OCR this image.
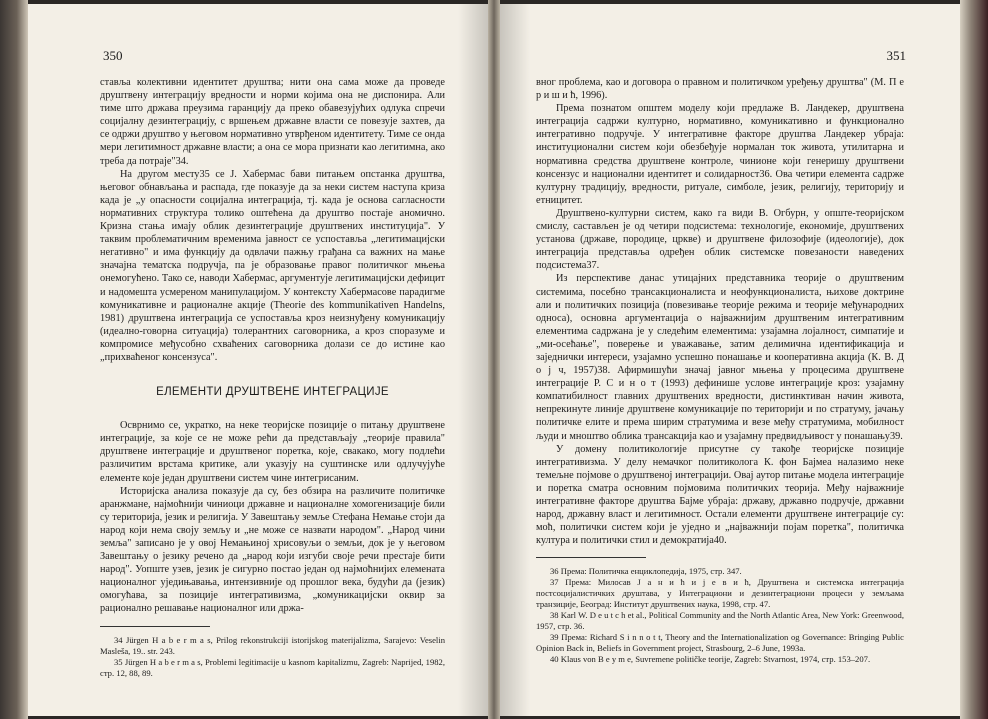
350

стављa колективни идентитет друштва; нити она сама може да проведе друштвену интеграцију вредности и норми којима она не диспонира. Али тиме што држава преузима гаранцију да преко обавезујућих одлука спречи социјалну дезинтеграцију, с вршењем државне власти се повезује захтев, да се одржи друштво у његовом нормативно утврђеном идентитету. Тиме се онда мери легитимност државне власти; а она се мора признати као легитимна, ако треба да потраје"34.

На другом месту35 се Ј. Хабермас бави питањем опстанка друштва, његовог обнављања и распада, где показује да за неки систем наступа криза када је „у опасности социјална интеграција, тј. када је основа сагласности нормативних структура толико оштећена да друштво постаје аномично. Кризна стања имају облик дезинтеграције друштвених институција". У таквим проблематичним временима јавност се успоставља „легитимацијски негативно" и има функцију да одвлачи пажњу грађана са важних на мање значајна тематска подручја, па је образовање правог политичког мњења онемогућено. Тако се, наводи Хабермас, аргументује легитимацијски дефицит и надомешта усмереном манипулацијом. У контексту Хабермасове парадигме комуникативне и рационалне акције (Theorie des kommunikativen Handelns, 1981) друштвена интеграција се успоставља кроз неизнуђену комуникацију (идеално-говорна ситуација) толерантних саговорника, а кроз споразуме и компромисе међусобно схваћених саговорника долази се до истине као „прихваћеног консензуса".

ЕЛЕМЕНТИ ДРУШТВЕНЕ ИНТЕГРАЦИЈЕ

Осврнимо се, укратко, на неке теоријске позиције о питању друштвене интеграције, за које се не може рећи да представљају „теорије правила" друштвене интеграције и друштвеног поретка, које, свакако, могу подлећи различитим врстама критике, али указују на суштинске или одлучујуће елементе које један друштвени систем чине интегрисаним.

Историјска анализа показује да су, без обзира на различите политичке аранжмане, најмоћнији чиниоци државне и националне хомогенизације били су територија, језик и религија. У Завештању земље Стефана Немање стоји да народ који нема своју земљу и „не може се назвати народом". „Народ чини земља" записано је у овој Немањиној хрисовуљи о земљи, док је у његовом Завештању о језику речено да „народ који изгуби своје речи престаје бити народ". Уопште узев, језик је сигурно постао један од најмоћнијих елемената националног уједињавања, интензивније од прошлог века, будући да (језик) омогућава, за позиције интегративизма, „комуникацијски оквир за рационално решавање националног или држа-

34 Jürgen H a b e r m a s, Prilog rekonstrukciji istorijskog materijalizma, Sarajevo: Veselin Masleša, 19.. str. 243.

35 Jürgen H a b e r m a s, Problemi legitimacije u kasnom kapitalizmu, Zagreb: Naprijed, 1982, стр. 12, 88, 89.

351

вног проблема, као и договора о правном и политичком уређењу друштва" (М. П е р и ш и ћ, 1996).

Према познатом општем моделу који предлаже В. Ландекер, друштвена интеграција садржи културно, нормативно, комуникативно и функционално интегративно подручје. У интегративне факторе друштва Ландекер убраја: институционални систем који обезбеђује нормалан ток живота, утилитарна и нормативна средства друштвене контроле, чинионе који генеришу друштвени консензус и национални идентитет и солидарност36. Ова четири елемента садрже културну традицију, вредности, ритуале, симболе, језик, религију, територију и етницитет.

Друштвено-културни систем, како га види В. Огбурн, у опште-теоријском смислу, састављен је од четири подсистема: технологије, економије, друштвених установа (државе, породице, цркве) и друштвене филозофије (идеологије), док интеграција представља одређен облик системске повезаности наведених подсистема37.

Из перспективе данас утицајних представника теорије о друштвеним системима, посебно трансакционалиста и неофункционалиста, њихове доктрине али и политичких позиција (повезивање теорије режима и теорије међународних односа), основна аргументација о најважнијим друштвеним интегративним елементима садржана је у следећим елементима: узајамна лојалност, симпатије и „ми-осећање", поверење и уважавање, затим делимична идентификација и заједнички интереси, узајамно успешно понашање и кооперативна акција (К. В. Д о ј ч, 1957)38. Афирмишући значај јавног мњења у процесима друштвене интеграције Р. С и н о т (1993) дефинише услове интеграције кроз: узајамну компатибилност главних друштвених вредности, дистинктиван начин живота, непрекинуте линије друштвене комуникације по територији и по стратуму, јачању политичке елите и према ширим стратумима и везе међу стратумима, мобилност људи и мноштво облика трансакција као и узајамну предвидљивост у понашању39.

У домену политикологије присутне су такође теоријске позиције интегративизма. У делу немачког политиколога К. фон Бајмеа налазимо неке темељне појмове о друштвеној интеграцији. Овај аутор питање модела интеграције и поретка сматра основним појмовима политичких теорија. Међу најважније интегративне факторе друштва Бајме убраја: државу, државно подручје, државни народ, државну власт и легитимност. Остали елементи друштвене интеграције су: моћ, политички систем који је уједно и „најважнији појам поретка", политичка култура и политички стил и демократија40.

36 Према: Политичка енциклопедија, 1975, стр. 347.

37 Према: Милосав J а н и ћ и ј е в и ћ, Друштвена и системска интеграција постсоцијалистичких друштава, у Интеграциони и дезинтеграциони процеси у земљама транзиције, Београд: Институт друштвених наука, 1998, стр. 47.

38 Karl W. D e u t c h et al., Political Community and the North Atlantic Area, New York: Greenwood, 1957, стр. 36.

39 Према: Richard S i n n o t t, Theory and the Internationalization og Governance: Bringing Public Opinion Back in, Beliefs in Government project, Strasbourg, 2–6 June, 1993a.

40 Klaus von B e y m e, Suvremene političke teorije, Zagreb: Stvarnost, 1974, стр. 153–207.
